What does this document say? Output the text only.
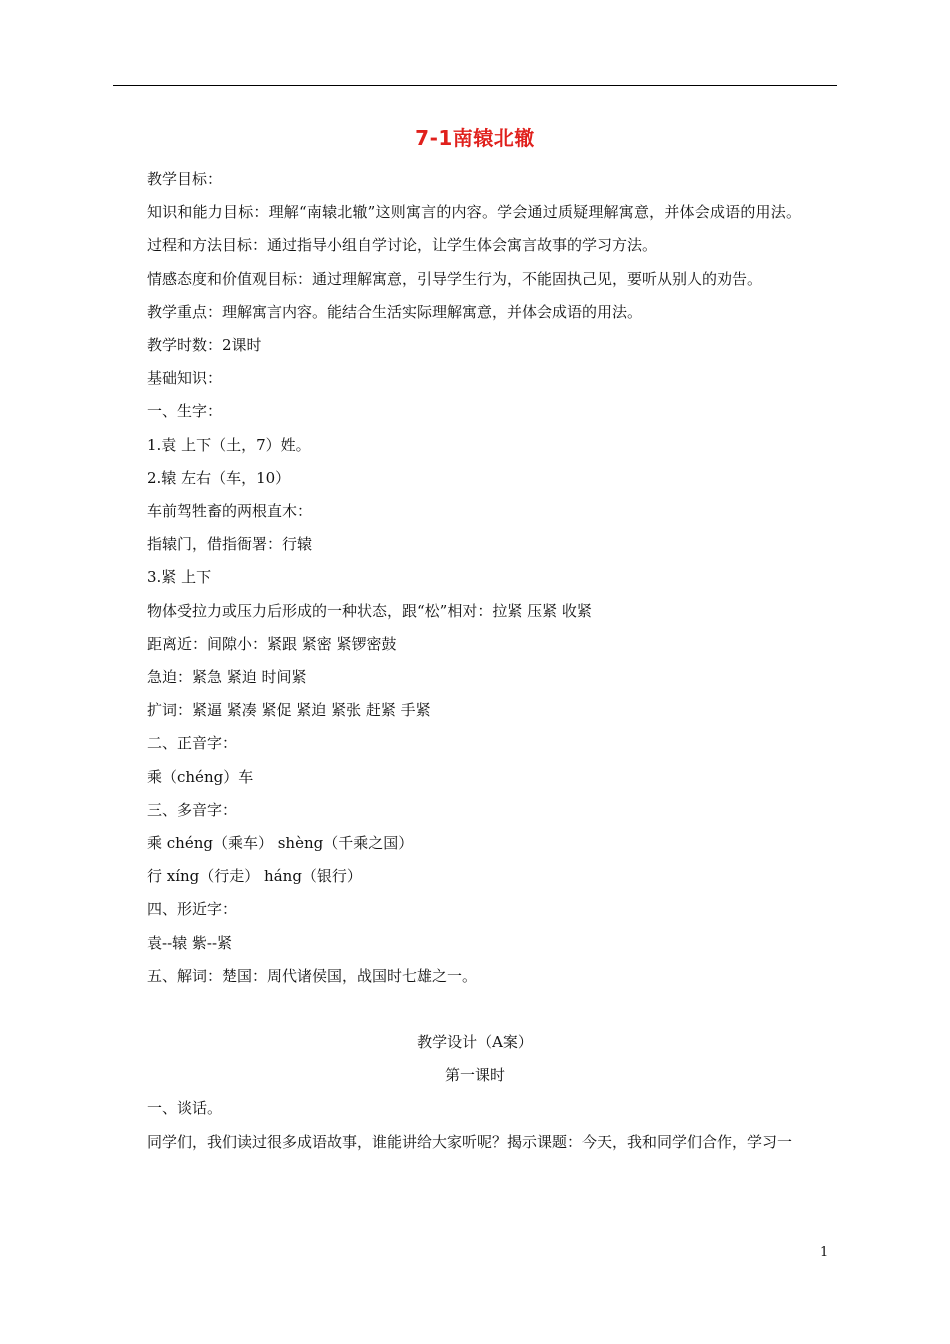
7-1南辕北辙

教学目标：

知识和能力目标：理解“南辕北辙”这则寓言的内容。学会通过质疑理解寓意，并体会成语的用法。

过程和方法目标：通过指导小组自学讨论，让学生体会寓言故事的学习方法。

情感态度和价值观目标：通过理解寓意，引导学生行为，不能固执己见，要听从别人的劝告。

教学重点：理解寓言内容。能结合生活实际理解寓意，并体会成语的用法。

教学时数：2课时

基础知识：

一、生字：

1.袁 上下（土，7）姓。

2.辕 左右（车，10）

车前驾牲畜的两根直木：

指辕门，借指衙署：行辕

3.紧 上下

物体受拉力或压力后形成的一种状态，跟“松”相对：拉紧 压紧 收紧

距离近：间隙小：紧跟 紧密 紧锣密鼓

急迫：紧急 紧迫 时间紧

扩词：紧逼 紧凑 紧促 紧迫 紧张 赶紧 手紧

二、正音字：

乘（chéng）车

三、多音字：

乘 chéng（乘车） shèng（千乘之国）

行 xíng（行走） háng（银行）

四、形近字：

袁--辕 紫--紧

五、解词：楚国：周代诸侯国，战国时七雄之一。

教学设计（A案）

第一课时

一、谈话。

同学们，我们读过很多成语故事，谁能讲给大家听呢？揭示课题：今天，我和同学们合作，学习一

1
